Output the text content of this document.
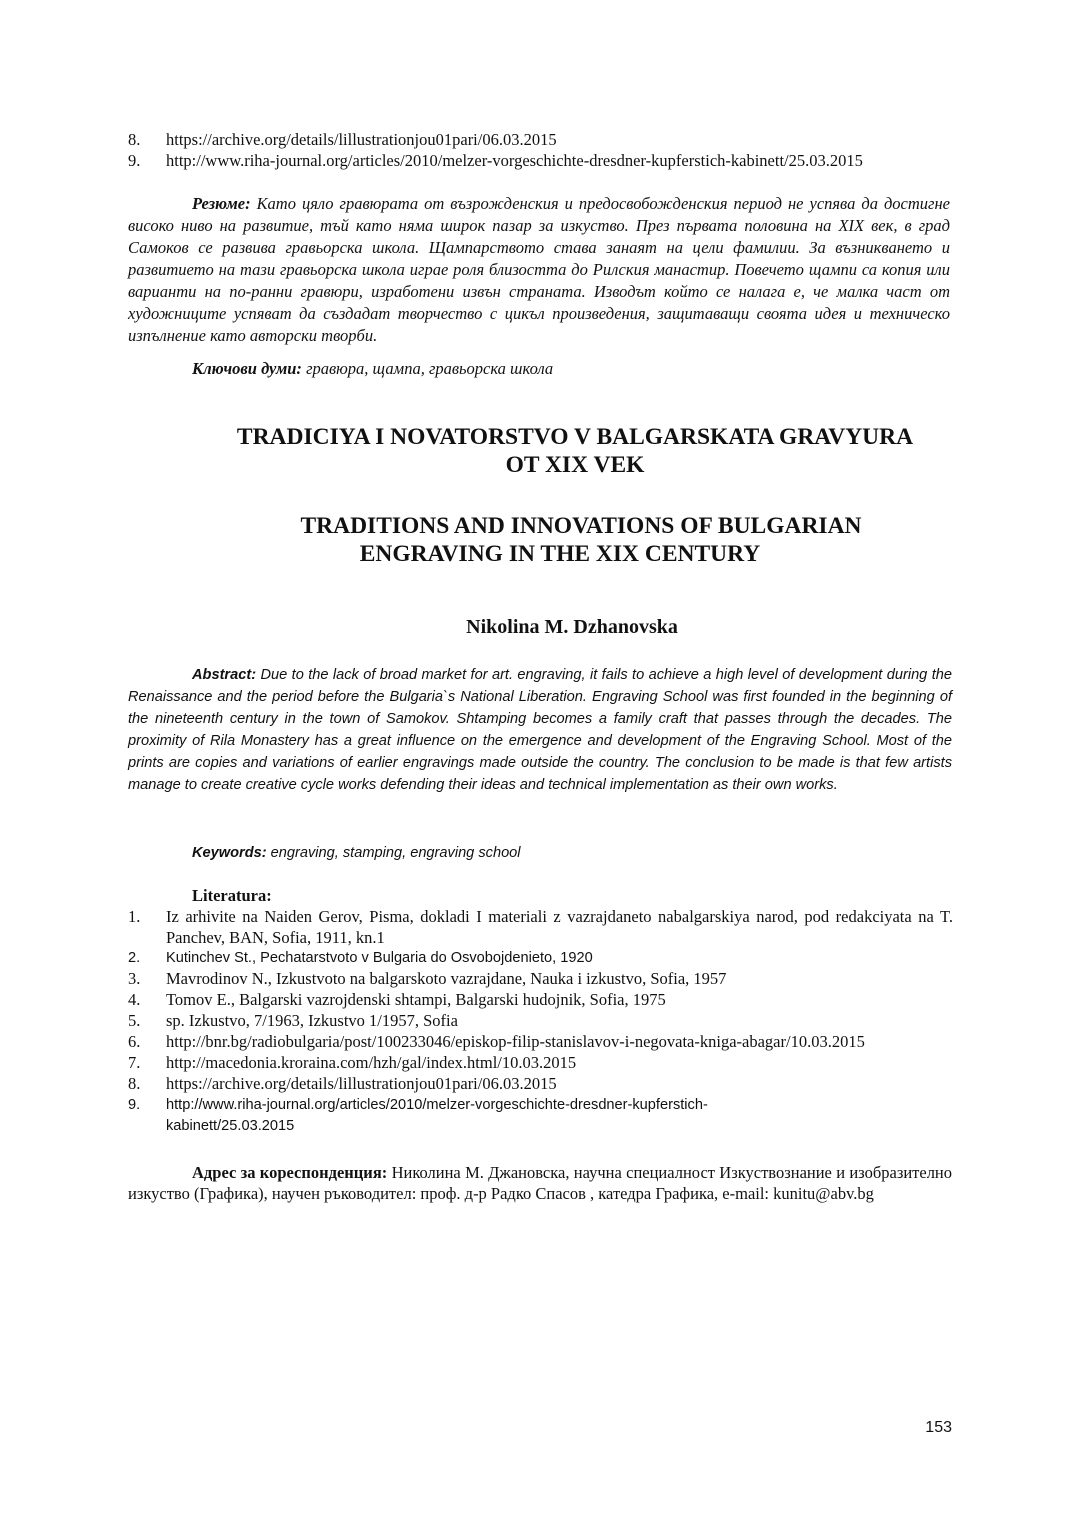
8.	https://archive.org/details/lillustrationjou01pari/06.03.2015
9.	http://www.riha-journal.org/articles/2010/melzer-vorgeschichte-dresdner-kupferstich-kabinett/25.03.2015
Резюме: Като цяло гравюрата от възрожденския и предосвобожденския период не успява да достигне високо ниво на развитие, тъй като няма широк пазар за изкуство. През първата половина на XIX век, в град Самоков се развива гравьорска школа. Щампарството става занаят на цели фамилии. За възникването и развитието на тази гравьорска школа играе роля близостта до Рилския манастир. Повечето щампи са копия или варианти на по-ранни гравюри, изработени извън страната. Изводът който се налага е, че малка част от художниците успяват да създадат творчество с цикъл произведения, защитаващи своята идея и техническо изпълнение като авторски творби.
Ключови думи: гравюра, щампа, гравьорска школа
TRADICIYA I NOVATORSTVO V BALGARSKATA GRAVYURA
OT XIX VEK
TRADITIONS AND INNOVATIONS OF BULGARIAN
ENGRAVING IN THE XIX CENTURY
Nikolina M. Dzhanovska
Abstract: Due to the lack of broad market for art. engraving, it fails to achieve a high level of development during the Renaissance and the period before the Bulgaria`s National Liberation. Engraving School was first founded in the beginning of the nineteenth century in the town of Samokov. Shtamping becomes a family craft that passes through the decades. The proximity of Rila Monastery has a great influence on the emergence and development of the Engraving School. Most of the prints are copies and variations of earlier engravings made outside the country. The conclusion to be made is that few artists manage to create creative cycle works defending their ideas and technical implementation as their own works.
Keywords: engraving, stamping, engraving school
Literatura:
1.	Iz arhivite na Naiden Gerov, Pisma, dokladi I materiali z vazrajdaneto nabalgarskiya narod, pod redakciyata na T. Panchev, BAN, Sofia, 1911, kn.1
2.	Kutinchev St., Pechatarstvoto v Bulgaria do Osvobojdenieto, 1920
3.	Mavrodinov N., Izkustvoto na balgarskoto vazrajdane, Nauka i izkustvo, Sofia, 1957
4.	Tomov E., Balgarski vazrojdenski shtampi, Balgarski hudojnik, Sofia, 1975
5.	sp. Izkustvo, 7/1963, Izkustvo 1/1957, Sofia
6.	http://bnr.bg/radiobulgaria/post/100233046/episkop-filip-stanislavov-i-negovata-kniga-abagar/10.03.2015
7.	http://macedonia.kroraina.com/hzh/gal/index.html/10.03.2015
8.	https://archive.org/details/lillustrationjou01pari/06.03.2015
9.	http://www.riha-journal.org/articles/2010/melzer-vorgeschichte-dresdner-kupferstich-kabinett/25.03.2015
Адрес за кореспонденция: Николина М. Джановска, научна специалност Изкуствознание и изобразително изкуство (Графика), научен ръководител: проф. д-р Радко Спасов , катедра Графика, e-mail: kunitu@abv.bg
153
